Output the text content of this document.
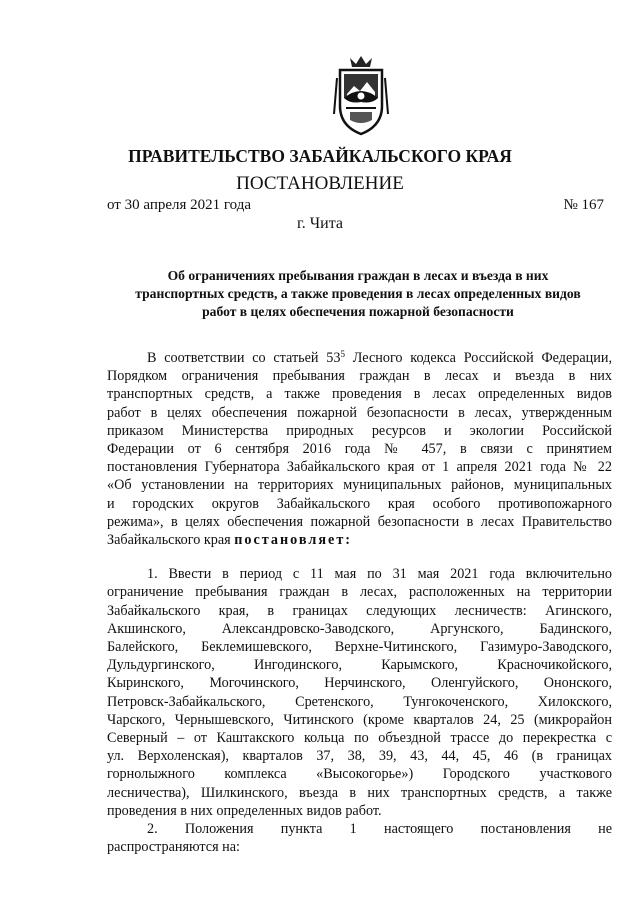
ПРАВИТЕЛЬСТВО ЗАБАЙКАЛЬСКОГО КРАЯ
ПОСТАНОВЛЕНИЕ
от 30 апреля 2021 года	№ 167
г. Чита
Об ограничениях пребывания граждан в лесах и въезда в них
транспортных средств, а также проведения в лесах определенных видов
работ в целях обеспечения пожарной безопасности
В соответствии со статьей $53^5$ Лесного кодекса Российской Федерации,
Порядком ограничения пребывания граждан в лесах и въезда в них
транспортных средств, а также проведения в лесах определенных видов
работ в целях обеспечения пожарной безопасности в лесах, утвержденным
приказом Министерства природных ресурсов и экологии Российской
Федерации от 6 сентября 2016 года № 457, в связи с принятием
постановления Губернатора Забайкальского края от 1 апреля 2021 года № 22
«Об установлении на территориях муниципальных районов, муниципальных
и городских округов Забайкальского края особого противопожарного
режима», в целях обеспечения пожарной безопасности в лесах Правительство
Забайкальского края постановляет:
1. Ввести в период с 11 мая по 31 мая 2021 года включительно
ограничение пребывания граждан в лесах, расположенных на территории
Забайкальского края, в границах следующих лесничеств: Агинского,
Акшинского, Александровско-Заводского, Аргунского, Бадинского,
Балейского, Беклемишевского, Верхне-Читинского, Газимуро-Заводского,
Дульдургинского, Ингодинского, Карымского, Красночикойского,
Кыринского, Могочинского, Нерчинского, Оленгуйского, Ононского,
Петровск-Забайкальского, Сретенского, Тунгокоченского, Хилокского,
Чарского, Чернышевского, Читинского (кроме кварталов 24, 25 (микрорайон
Северный – от Каштакского кольца по объездной трассе до перекрестка с
ул. Верхоленская), кварталов 37, 38, 39, 43, 44, 45, 46 (в границах
горнолыжного комплекса «Высокогорье») Городского участкового
лесничества), Шилкинского, въезда в них транспортных средств, а также
проведения в них определенных видов работ.
2. Положения пункта 1 настоящего постановления не
распространяются на:
